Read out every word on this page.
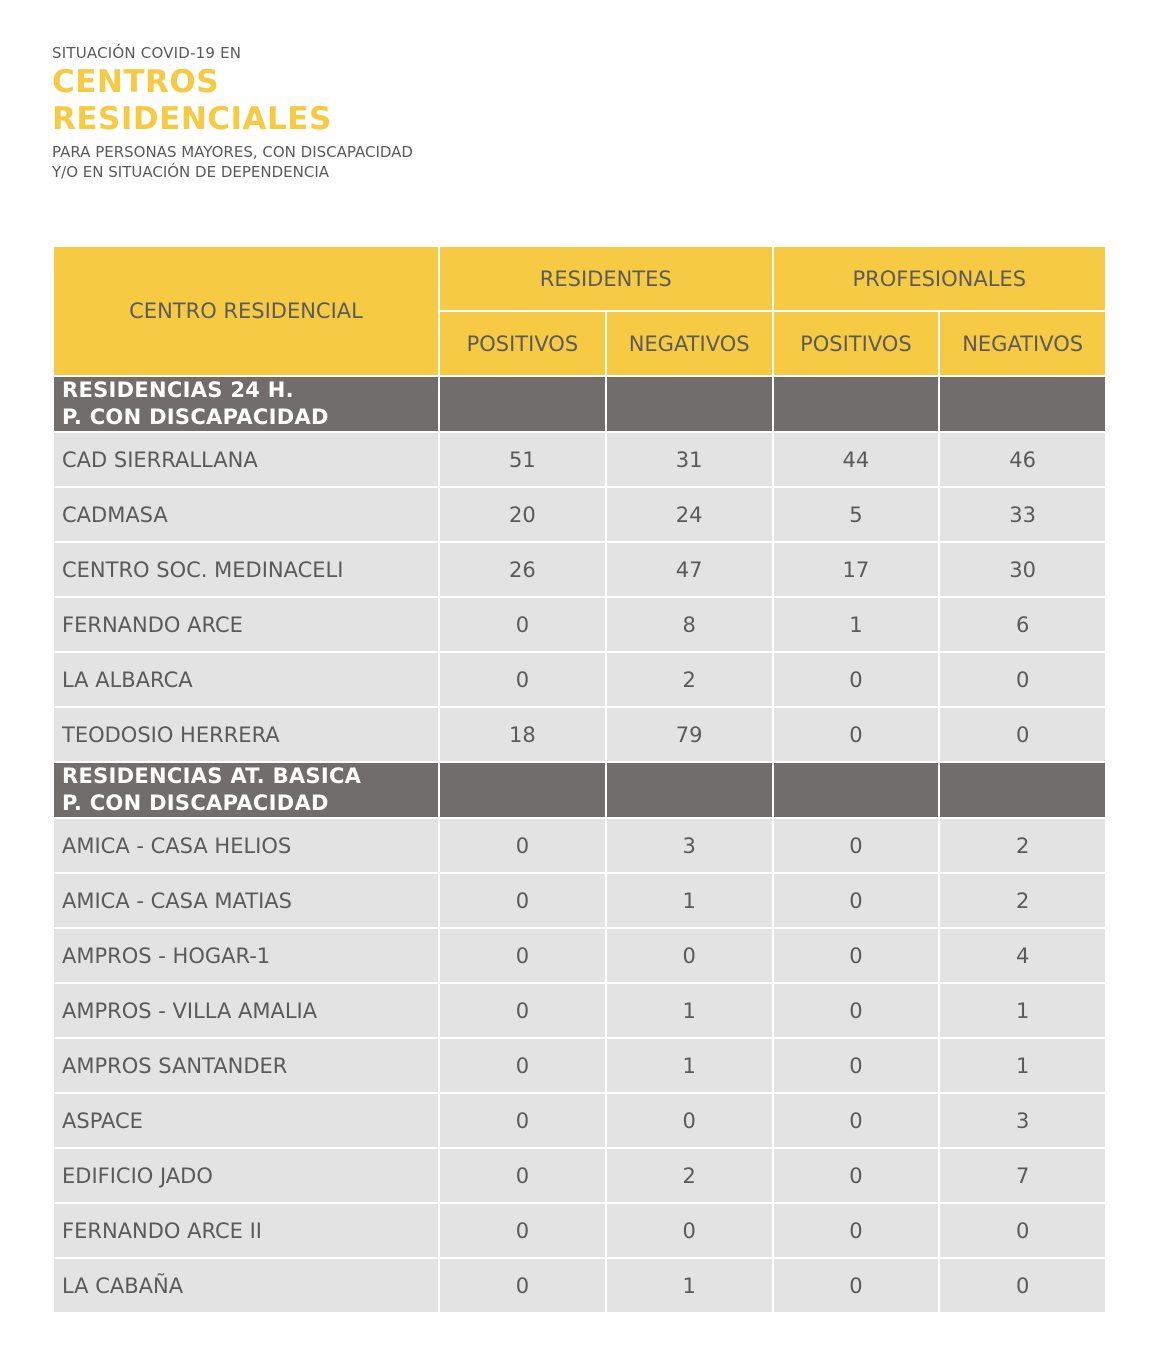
SITUACIÓN COVID-19 EN
CENTROS
RESIDENCIALES
PARA PERSONAS MAYORES, CON DISCAPACIDAD
Y/O EN SITUACIÓN DE DEPENDENCIA
CENTRO RESIDENCIAL	RESIDENTES		PROFESIONALES	
	POSITIVOS	NEGATIVOS	POSITIVOS	NEGATIVOS

RESIDENCIAS 24 H.
P. CON DISCAPACIDAD				

CAD SIERRALLANA	51	31	44	46
CADMASA	20	24	5	33
CENTRO SOC. MEDINACELI	26	47	17	30
FERNANDO ARCE	0	8	1	6
LA ALBARCA	0	2	0	0
TEODOSIO HERRERA	18	79	0	0

RESIDENCIAS AT. BASICA
P. CON DISCAPACIDAD				

AMICA - CASA HELIOS	0	3	0	2
AMICA - CASA MATIAS	0	1	0	2
AMPROS - HOGAR-1	0	0	0	4
AMPROS - VILLA AMALIA	0	1	0	1
AMPROS SANTANDER	0	1	0	1
ASPACE	0	0	0	3
EDIFICIO JADO	0	2	0	7
FERNANDO ARCE II	0	0	0	0
LA CABAÑA	0	1	0	0
